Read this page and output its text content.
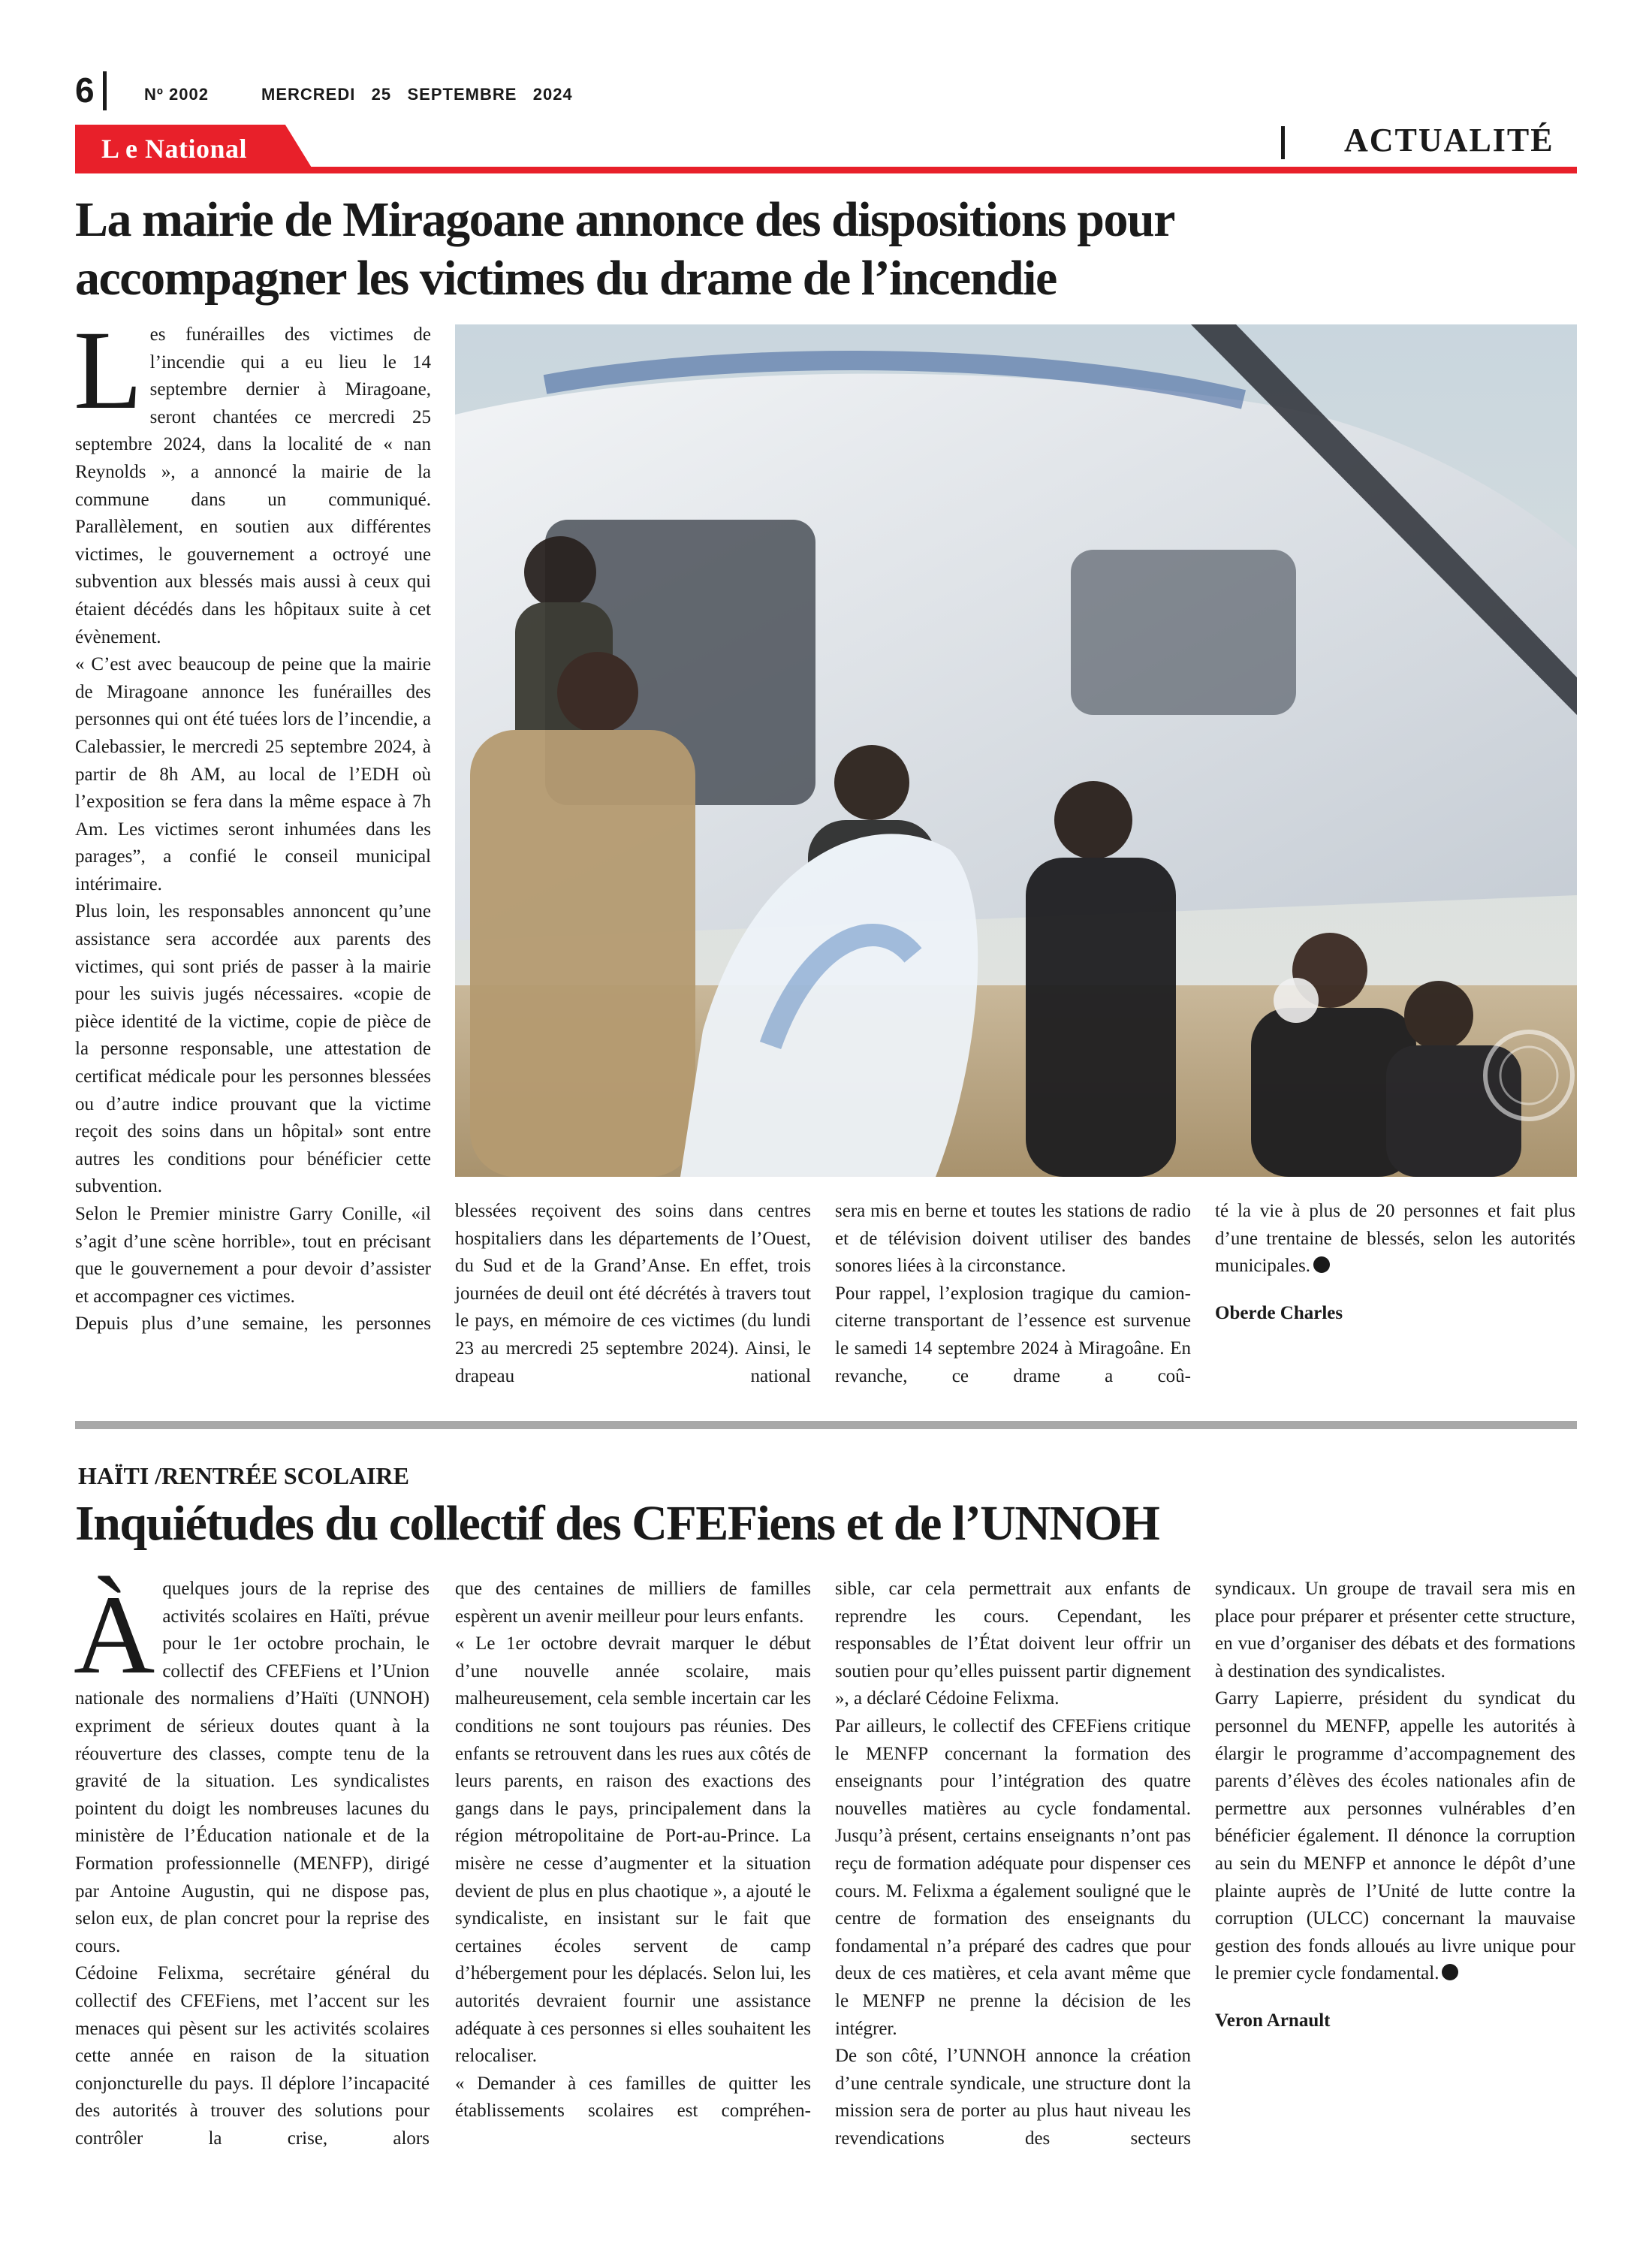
6	Nº 2002	MERCREDI   25   SEPTEMBRE   2024
L e National	ACTUALITÉ
La mairie de Miragoane annonce des dispositions pour
accompagner les victimes du drame de l’incendie

Les funérailles des victimes de l’incendie qui a eu lieu le 14 septembre dernier à Miragoane, seront chantées ce mercredi 25 septembre 2024, dans la localité de « nan Reynolds », a annoncé la mairie de la commune dans un communiqué. Parallèlement, en soutien aux différentes victimes, le gouvernement a octroyé une subvention aux blessés mais aussi à ceux qui étaient décédés dans les hôpitaux suite à cet évènement.

« C’est avec beaucoup de peine que la mairie de Miragoane annonce les funérailles des personnes qui ont été tuées lors de l’incendie, a Calebassier, le mercredi 25 septembre 2024, à partir de 8h AM, au local de l’EDH où l’exposition se fera dans la même espace à 7h Am. Les victimes seront inhumées dans les parages”, a confié le conseil municipal intérimaire.

Plus loin, les responsables annoncent qu’une assistance sera accordée aux parents des victimes, qui sont priés de passer à la mairie pour les suivis jugés nécessaires. «copie de pièce identité de la victime, copie de pièce de la personne responsable, une attestation de certificat médicale pour les personnes blessées ou d’autre indice prouvant que la victime reçoit des soins dans un hôpital» sont entre autres les conditions pour bénéficier cette subvention.

Selon le Premier ministre Garry Conille, «il s’agit d’une scène horrible», tout en précisant que le gouvernement a pour devoir d’assister et accompagner ces victimes.

Depuis plus d’une semaine, les personnes

blessées reçoivent des soins dans centres hospitaliers dans les départements de l’Ouest, du Sud et de la Grand’Anse. En effet, trois journées de deuil ont été décrétés à travers tout le pays, en mémoire de ces victimes (du lundi 23 au mercredi 25 septembre 2024). Ainsi, le drapeau national

sera mis en berne et toutes les stations de radio et de télévision doivent utiliser des bandes sonores liées à la circonstance.

Pour rappel, l’explosion tragique du camion-citerne transportant de l’essence est survenue le samedi 14 septembre 2024 à Miragoâne. En revanche, ce drame a coû-

té la vie à plus de 20 personnes et fait plus d’une trentaine de blessés, selon les autorités municipales.

Oberde Charles

HAÏTI /RENTRÉE SCOLAIRE
Inquiétudes du collectif des CFEFiens et de l’UNNOH

À quelques jours de la reprise des activités scolaires en Haïti, prévue pour le 1er octobre prochain, le collectif des CFEFiens et l’Union nationale des normaliens d’Haïti (UNNOH) expriment de sérieux doutes quant à la réouverture des classes, compte tenu de la gravité de la situation. Les syndicalistes pointent du doigt les nombreuses lacunes du ministère de l’Éducation nationale et de la Formation professionnelle (MENFP), dirigé par Antoine Augustin, qui ne dispose pas, selon eux, de plan concret pour la reprise des cours.

Cédoine Felixma, secrétaire général du collectif des CFEFiens, met l’accent sur les menaces qui pèsent sur les activités scolaires cette année en raison de la situation conjoncturelle du pays. Il déplore l’incapacité des autorités à trouver des solutions pour contrôler la crise, alors

que des centaines de milliers de familles espèrent un avenir meilleur pour leurs enfants.

« Le 1er octobre devrait marquer le début d’une nouvelle année scolaire, mais malheureusement, cela semble incertain car les conditions ne sont toujours pas réunies. Des enfants se retrouvent dans les rues aux côtés de leurs parents, en raison des exactions des gangs dans le pays, principalement dans la région métropolitaine de Port-au-Prince. La misère ne cesse d’augmenter et la situation devient de plus en plus chaotique », a ajouté le syndicaliste, en insistant sur le fait que certaines écoles servent de camp d’hébergement pour les déplacés. Selon lui, les autorités devraient fournir une assistance adéquate à ces personnes si elles souhaitent les relocaliser.

« Demander à ces familles de quitter les établissements scolaires est compréhen-

sible, car cela permettrait aux enfants de reprendre les cours. Cependant, les responsables de l’État doivent leur offrir un soutien pour qu’elles puissent partir dignement », a déclaré Cédoine Felixma.

Par ailleurs, le collectif des CFEFiens critique le MENFP concernant la formation des enseignants pour l’intégration des quatre nouvelles matières au cycle fondamental. Jusqu’à présent, certains enseignants n’ont pas reçu de formation adéquate pour dispenser ces cours. M. Felixma a également souligné que le centre de formation des enseignants du fondamental n’a préparé des cadres que pour deux de ces matières, et cela avant même que le MENFP ne prenne la décision de les intégrer.

De son côté, l’UNNOH annonce la création d’une centrale syndicale, une structure dont la mission sera de porter au plus haut niveau les revendications des secteurs

syndicaux. Un groupe de travail sera mis en place pour préparer et présenter cette structure, en vue d’organiser des débats et des formations à destination des syndicalistes.

Garry Lapierre, président du syndicat du personnel du MENFP, appelle les autorités à élargir le programme d’accompagnement des parents d’élèves des écoles nationales afin de permettre aux personnes vulnérables d’en bénéficier également. Il dénonce la corruption au sein du MENFP et annonce le dépôt d’une plainte auprès de l’Unité de lutte contre la corruption (ULCC) concernant la mauvaise gestion des fonds alloués au livre unique pour le premier cycle fondamental.

Veron Arnault
